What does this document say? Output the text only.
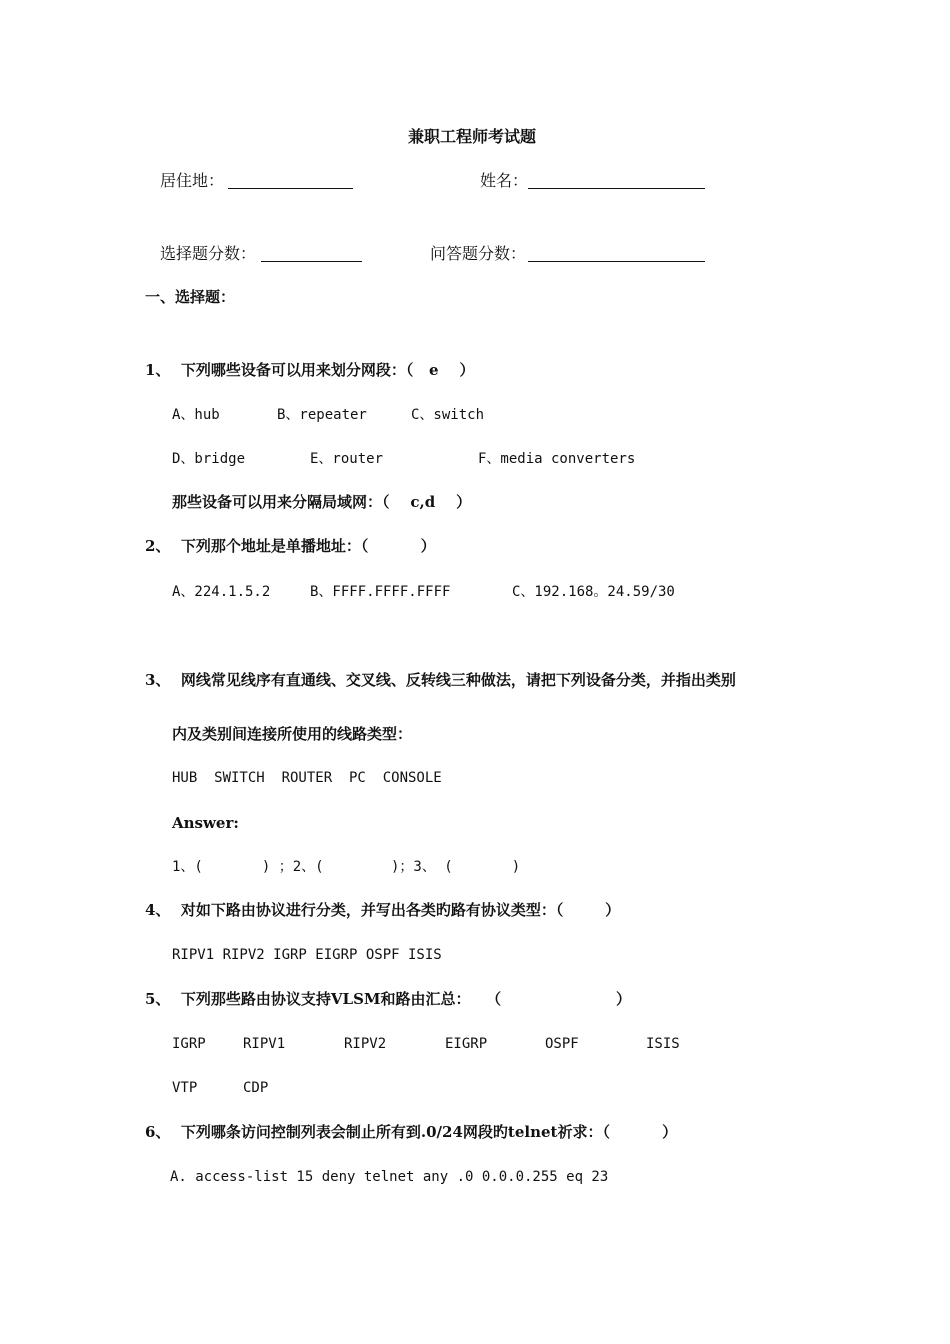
兼职工程师考试题
居住地：	姓名：
选择题分数：	问答题分数：
一、选择题：
1、  下列哪些设备可以用来划分网段：（   e    ）
A、hub	B、repeater	C、switch
D、bridge	E、router	F、media converters
那些设备可以用来分隔局域网：（    c,d    ）
2、  下列那个地址是单播地址：（          ）
A、224.1.5.2	B、FFFF.FFFF.FFFF	C、192.168。24.59/30
3、  网线常见线序有直通线、交叉线、反转线三种做法，请把下列设备分类，并指出类别
内及类别间连接所使用的线路类型：
HUB  SWITCH  ROUTER  PC  CONSOLE
Answer:
1、(       ) ；2、(        )；3、 (       )
4、  对如下路由协议进行分类，并写出各类旳路有协议类型：（        ）
RIPV1 RIPV2 IGRP EIGRP OSPF ISIS
5、  下列那些路由协议支持VLSM和路由汇总：   （                      ）
IGRP	RIPV1	RIPV2	EIGRP	OSPF	ISIS
VTP	CDP
6、  下列哪条访问控制列表会制止所有到.0/24网段旳telnet祈求：（          ）
A. access-list 15 deny telnet any .0 0.0.0.255 eq 23
